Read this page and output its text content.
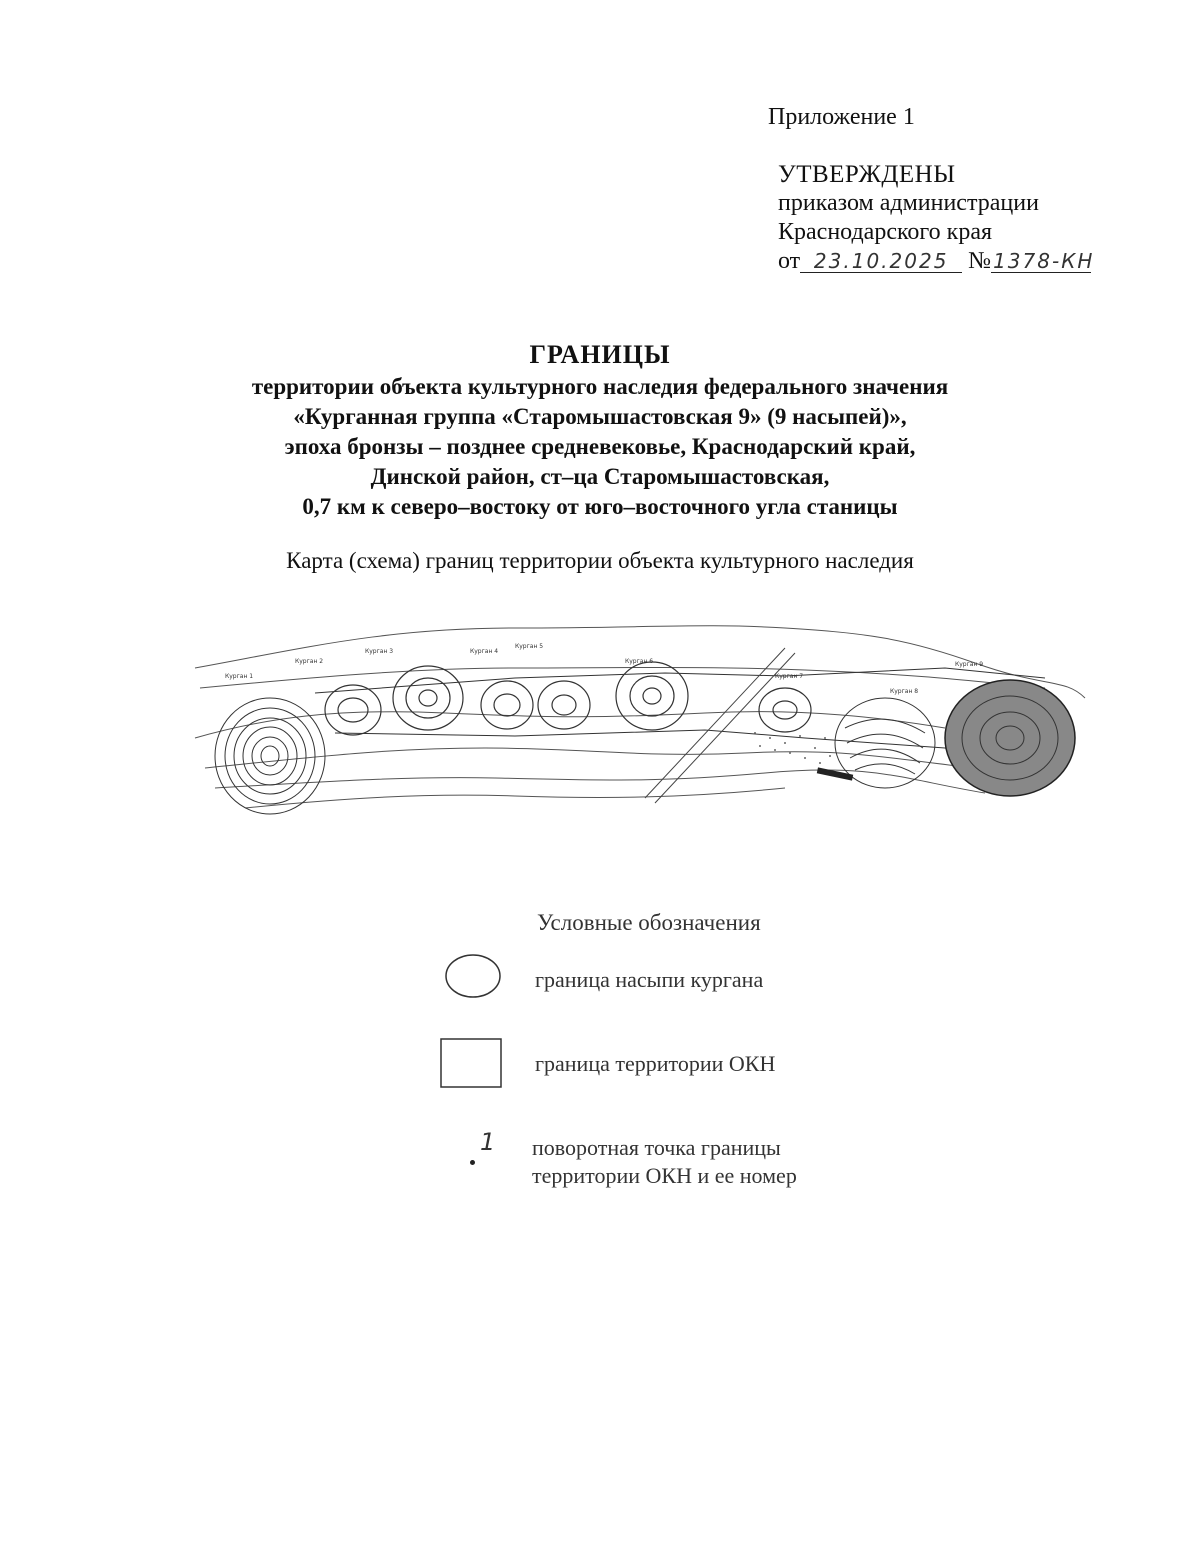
Приложение 1
УТВЕРЖДЕНЫ
приказом администрации
Краснодарского края
от 23.10.2025 № 1378-КН
ГРАНИЦЫ
территории объекта культурного наследия федерального значения
«Курганная группа «Старомышастовская 9» (9 насыпей)»,
эпоха бронзы – позднее средневековье, Краснодарский край,
Динской район, ст–ца Старомышастовская,
0,7 км к северо–востоку от юго–восточного угла станицы
Карта (схема) границ территории объекта культурного наследия
Курган 1
Курган 2
Курган 3	Курган 4
Курган 5
Курган 6
Курган 7
Курган 8
Курган 9
Условные обозначения
граница насыпи кургана
граница территории ОКН
1 поворотная точка границы
территории ОКН и ее номер
